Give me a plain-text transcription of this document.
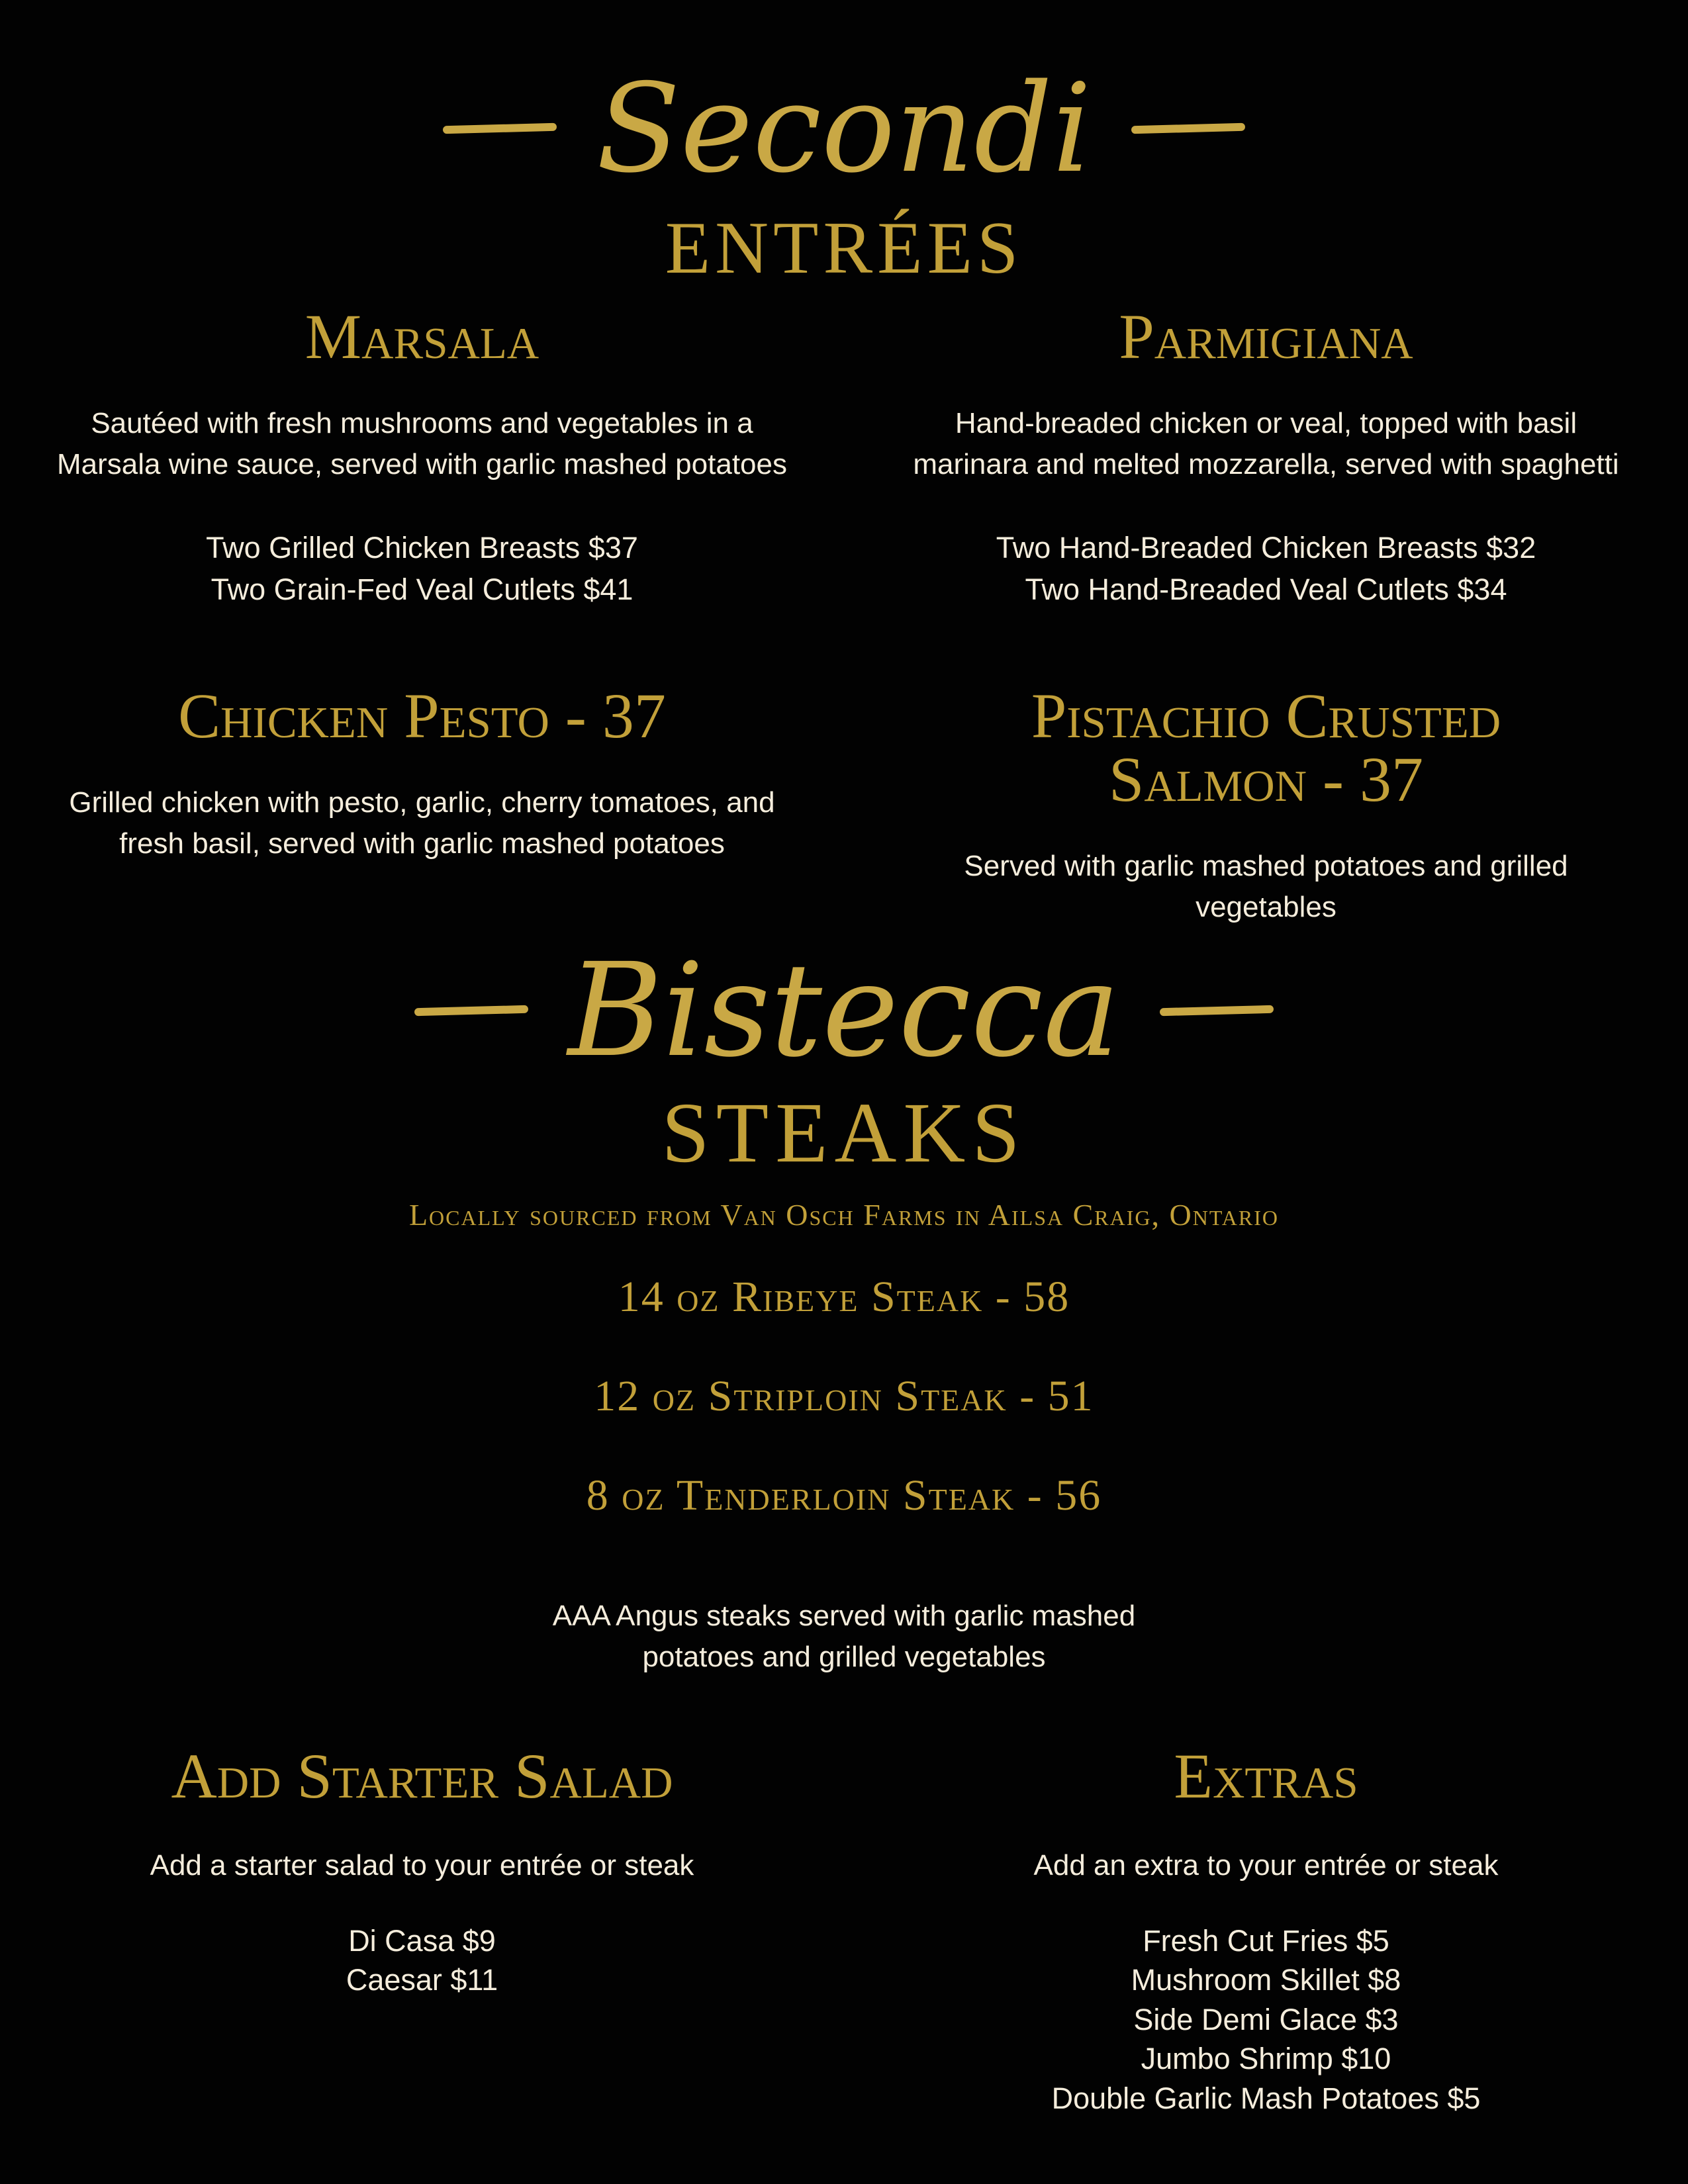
Secondi
ENTRÉES
Marsala
Sautéed with fresh mushrooms and vegetables in a
Marsala wine sauce, served with garlic mashed potatoes
Two Grilled Chicken Breasts $37
Two Grain-Fed Veal Cutlets $41
Parmigiana
Hand-breaded chicken or veal, topped with basil
marinara and melted mozzarella, served with spaghetti
Two Hand-Breaded Chicken Breasts $32
Two Hand-Breaded Veal Cutlets $34
Chicken Pesto - 37
Grilled chicken with pesto, garlic, cherry tomatoes, and
fresh basil, served with garlic mashed potatoes
Pistachio Crusted
Salmon - 37
Served with garlic mashed potatoes and grilled
vegetables
Bistecca
STEAKS
Locally sourced from Van Osch Farms in Ailsa Craig, Ontario
14 oz Ribeye Steak - 58
12 oz Striploin Steak - 51
8 oz Tenderloin Steak - 56
AAA Angus steaks served with garlic mashed
potatoes and grilled vegetables
Add Starter Salad
Add a starter salad to your entrée or steak
Di Casa $9
Caesar $11
Extras
Add an extra to your entrée or steak
Fresh Cut Fries $5
Mushroom Skillet $8
Side Demi Glace $3
Jumbo Shrimp $10
Double Garlic Mash Potatoes $5
